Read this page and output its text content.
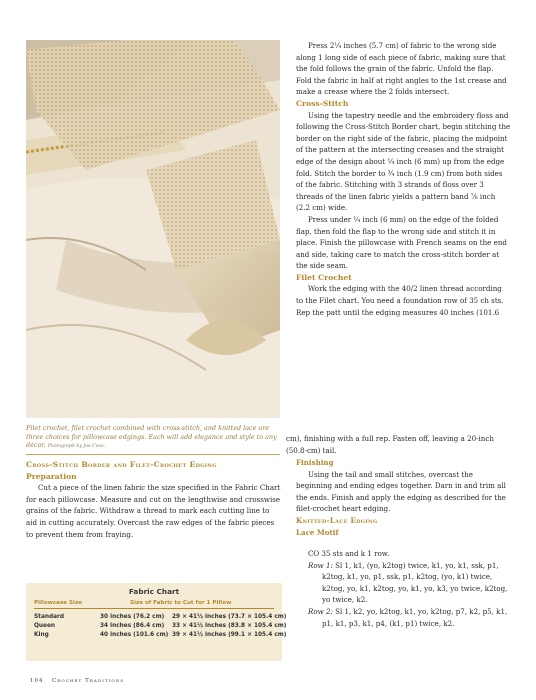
Filet crochet, filet crochet combined with cross-stitch, and knitted lace are three choices for pillowcase edgings. Each will add elegance and style to any décor. Photograph by Joe Coca.
Cross-Stitch Border and Filet-Crochet Edging
Preparation

Cut a piece of the linen fabric the size specified in the Fabric Chart for each pillowcase. Measure and cut on the lengthwise and crosswise grains of the fabric. Withdraw a thread to mark each cutting line to aid in cutting accurately. Overcast the raw edges of the fabric pieces to prevent them from fraying.

Press 2¼ inches (5.7 cm) of fabric to the wrong side along 1 long side of each piece of fabric, making sure that the fold follows the grain of the fabric. Unfold the flap. Fold the fabric in half at right angles to the 1st crease and make a crease where the 2 folds intersect.

Cross-Stitch

Using the tapestry needle and the embroidery floss and following the Cross-Stitch Border chart, begin stitching the border on the right side of the fabric, placing the midpoint of the pattern at the intersecting creases and the straight edge of the design about ¼ inch (6 mm) up from the edge fold. Stitch the border to ¾ inch (1.9 cm) from both sides of the fabric. Stitching with 3 strands of floss over 3 threads of the linen fabric yields a pattern band ⅞ inch (2.2 cm) wide.

Press under ¼ inch (6 mm) on the edge of the folded flap, then fold the flap to the wrong side and stitch it in place. Finish the pillowcase with French seams on the end and side, taking care to match the cross-stitch border at the side seam.

Filet Crochet

Work the edging with the 40/2 linen thread according to the Filet chart. You need a foundation row of 35 ch sts. Rep the patt until the edging measures 40 inches (101.6

cm), finishing with a full rep. Fasten off, leaving a 20-inch
(50.8-cm) tail.
Finishing

Using the tail and small stitches, overcast the beginning and ending edges together. Darn in and trim all the ends. Finish and apply the edging as described for the filet-crochet heart edging.

Knitted-Lace Edging
Lace Motif

CO 35 sts and k 1 row.

Row 1: Sl 1, k1, (yo, k2tog) twice, k1, yo, k1, ssk, p1, k2tog, k1, yo, p1, ssk, p1, k2tog, (yo, k1) twice, k2tog, yo, k1, k2tog, yo, k1, yo, k3, yo twice, k2tog, yo twice, k2.

Row 2: Sl 1, k2, yo, k2tog, k1, yo, k2tog, p7, k2, p5, k1, p1, k1, p3, k1, p4, (k1, p1) twice, k2.

Fabric Chart
Pillowcase Size	Size of Fabric to Cut for 1 Pillow
Standard	30 inches (76.2 cm) 29 × 41½ inches (73.7 × 105.4 cm)
Queen	34 inches (86.4 cm) 33 × 41½ inches (83.8 × 105.4 cm)
King	40 inches (101.6 cm) 39 × 41½ inches (99.1 × 105.4 cm)
104 Crochet Traditions
